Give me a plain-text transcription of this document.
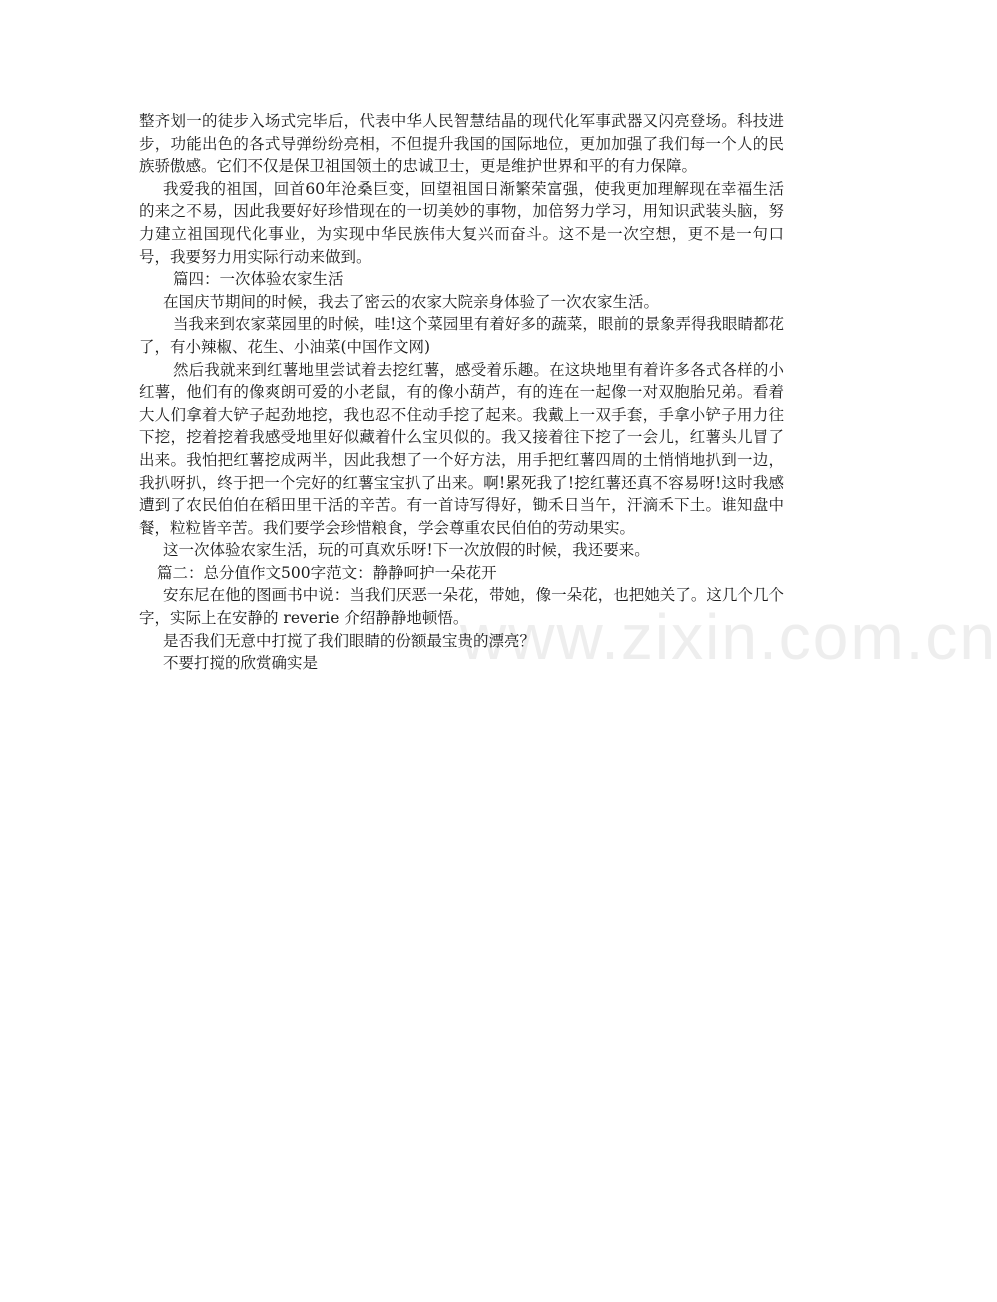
www.zixin.com.cn

整齐划一的徒步入场式完毕后，代表中华人民智慧结晶的现代化军事武器又闪亮登场。科技进步，功能出色的各式导弹纷纷亮相，不但提升我国的国际地位，更加加强了我们每一个人的民族骄傲感。它们不仅是保卫祖国领土的忠诚卫士，更是维护世界和平的有力保障。

我爱我的祖国，回首60年沧桑巨变，回望祖国日渐繁荣富强，使我更加理解现在幸福生活的来之不易，因此我要好好珍惜现在的一切美妙的事物，加倍努力学习，用知识武装头脑，努力建立祖国现代化事业，为实现中华民族伟大复兴而奋斗。这不是一次空想，更不是一句口号，我要努力用实际行动来做到。

篇四：一次体验农家生活

在国庆节期间的时候，我去了密云的农家大院亲身体验了一次农家生活。

当我来到农家菜园里的时候，哇!这个菜园里有着好多的蔬菜，眼前的景象弄得我眼睛都花了，有小辣椒、花生、小油菜(中国作文网)

然后我就来到红薯地里尝试着去挖红薯，感受着乐趣。在这块地里有着许多各式各样的小红薯，他们有的像爽朗可爱的小老鼠，有的像小葫芦，有的连在一起像一对双胞胎兄弟。看着大人们拿着大铲子起劲地挖，我也忍不住动手挖了起来。我戴上一双手套，手拿小铲子用力往下挖，挖着挖着我感受地里好似藏着什么宝贝似的。我又接着往下挖了一会儿，红薯头儿冒了出来。我怕把红薯挖成两半，因此我想了一个好方法，用手把红薯四周的土悄悄地扒到一边，我扒呀扒，终于把一个完好的红薯宝宝扒了出来。啊!累死我了!挖红薯还真不容易呀!这时我感遭到了农民伯伯在稻田里干活的辛苦。有一首诗写得好，锄禾日当午，汗滴禾下土。谁知盘中餐，粒粒皆辛苦。我们要学会珍惜粮食，学会尊重农民伯伯的劳动果实。

这一次体验农家生活，玩的可真欢乐呀!下一次放假的时候，我还要来。

篇二：总分值作文500字范文：静静呵护一朵花开

安东尼在他的图画书中说：当我们厌恶一朵花，带她，像一朵花，也把她关了。这几个几个字，实际上在安静的 reverie 介绍静静地顿悟。

是否我们无意中打搅了我们眼睛的份额最宝贵的漂亮？

不要打搅的欣赏确实是
